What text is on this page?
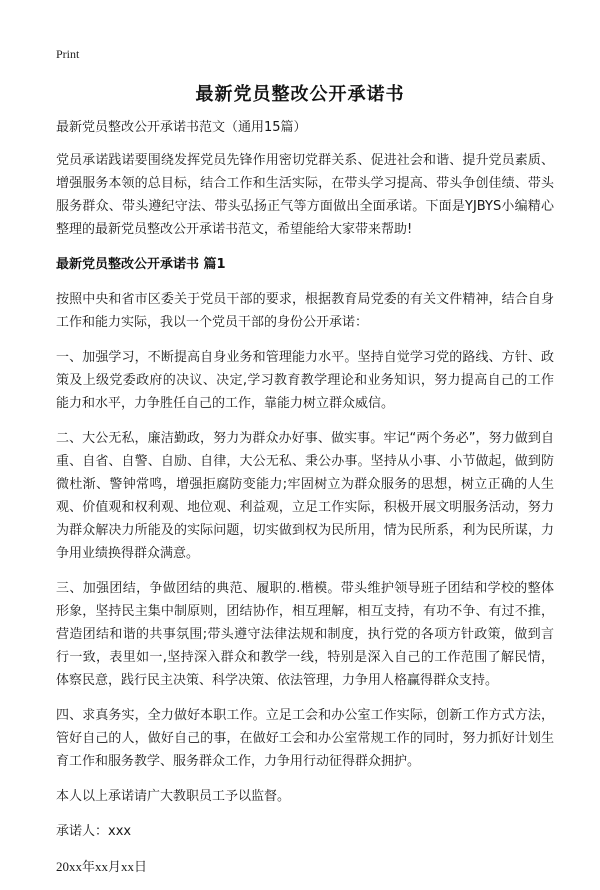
Print
最新党员整改公开承诺书

最新党员整改公开承诺书范文（通用15篇）

党员承诺践诺要围绕发挥党员先锋作用密切党群关系、促进社会和谐、提升党员素质、增强服务本领的总目标，结合工作和生活实际，在带头学习提高、带头争创佳绩、带头服务群众、带头遵纪守法、带头弘扬正气等方面做出全面承诺。下面是YJBYS小编精心整理的最新党员整改公开承诺书范文，希望能给大家带来帮助!

最新党员整改公开承诺书 篇1

按照中央和省市区委关于党员干部的要求，根据教育局党委的有关文件精神，结合自身工作和能力实际，我以一个党员干部的身份公开承诺：

一、加强学习，不断提高自身业务和管理能力水平。坚持自觉学习党的路线、方针、政策及上级党委政府的决议、决定,学习教育教学理论和业务知识，努力提高自己的工作能力和水平，力争胜任自己的工作，靠能力树立群众威信。

二、大公无私，廉洁勤政，努力为群众办好事、做实事。牢记“两个务必”，努力做到自重、自省、自警、自励、自律，大公无私、秉公办事。坚持从小事、小节做起，做到防微杜渐、警钟常鸣，增强拒腐防变能力;牢固树立为群众服务的思想，树立正确的人生观、价值观和权利观、地位观、利益观，立足工作实际，积极开展文明服务活动，努力为群众解决力所能及的实际问题，切实做到权为民所用，情为民所系，利为民所谋，力争用业绩换得群众满意。

三、加强团结，争做团结的典范、履职的.楷模。带头维护领导班子团结和学校的整体形象，坚持民主集中制原则，团结协作，相互理解，相互支持，有功不争、有过不推，营造团结和谐的共事氛围;带头遵守法律法规和制度，执行党的各项方针政策，做到言行一致，表里如一,坚持深入群众和教学一线，特别是深入自己的工作范围了解民情，体察民意，践行民主决策、科学决策、依法管理，力争用人格赢得群众支持。

四、求真务实，全力做好本职工作。立足工会和办公室工作实际，创新工作方式方法，管好自己的人，做好自己的事，在做好工会和办公室常规工作的同时，努力抓好计划生育工作和服务教学、服务群众工作，力争用行动征得群众拥护。

本人以上承诺请广大教职员工予以监督。

承诺人：xxx

20xx年xx月xx日
